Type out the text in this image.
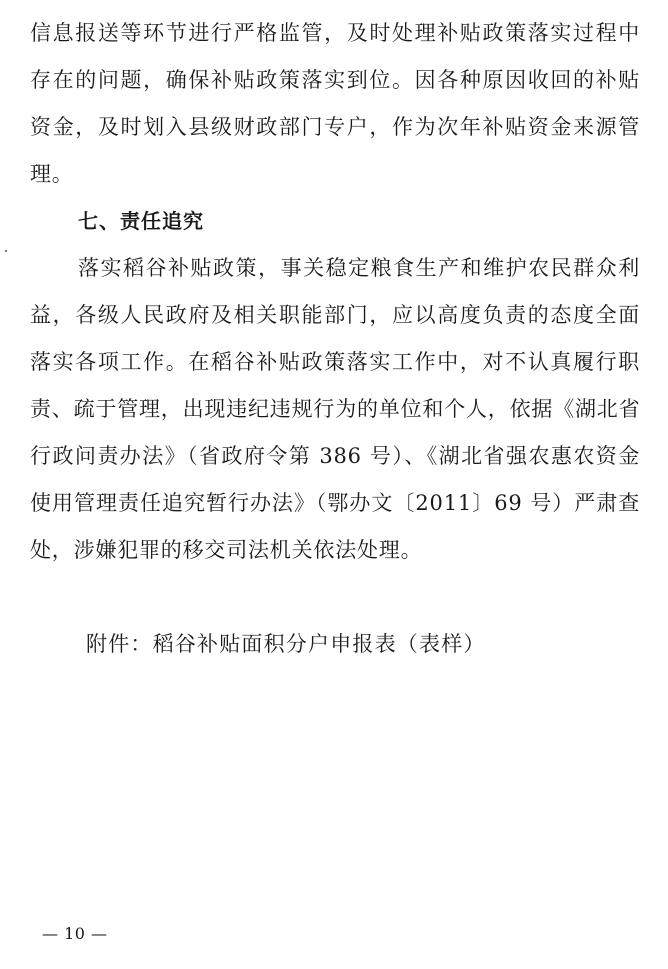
信息报送等环节进行严格监管，及时处理补贴政策落实过程中
存在的问题，确保补贴政策落实到位。因各种原因收回的补贴
资金，及时划入县级财政部门专户，作为次年补贴资金来源管
理。
七、责任追究
落实稻谷补贴政策，事关稳定粮食生产和维护农民群众利
益，各级人民政府及相关职能部门，应以高度负责的态度全面
落实各项工作。在稻谷补贴政策落实工作中，对不认真履行职
责、疏于管理，出现违纪违规行为的单位和个人，依据《湖北省
行政问责办法》（省政府令第 386 号）、《湖北省强农惠农资金
使用管理责任追究暂行办法》（鄂办文〔2011〕69 号）严肃查
处，涉嫌犯罪的移交司法机关依法处理。
附件：稻谷补贴面积分户申报表（表样）
— 10 —
